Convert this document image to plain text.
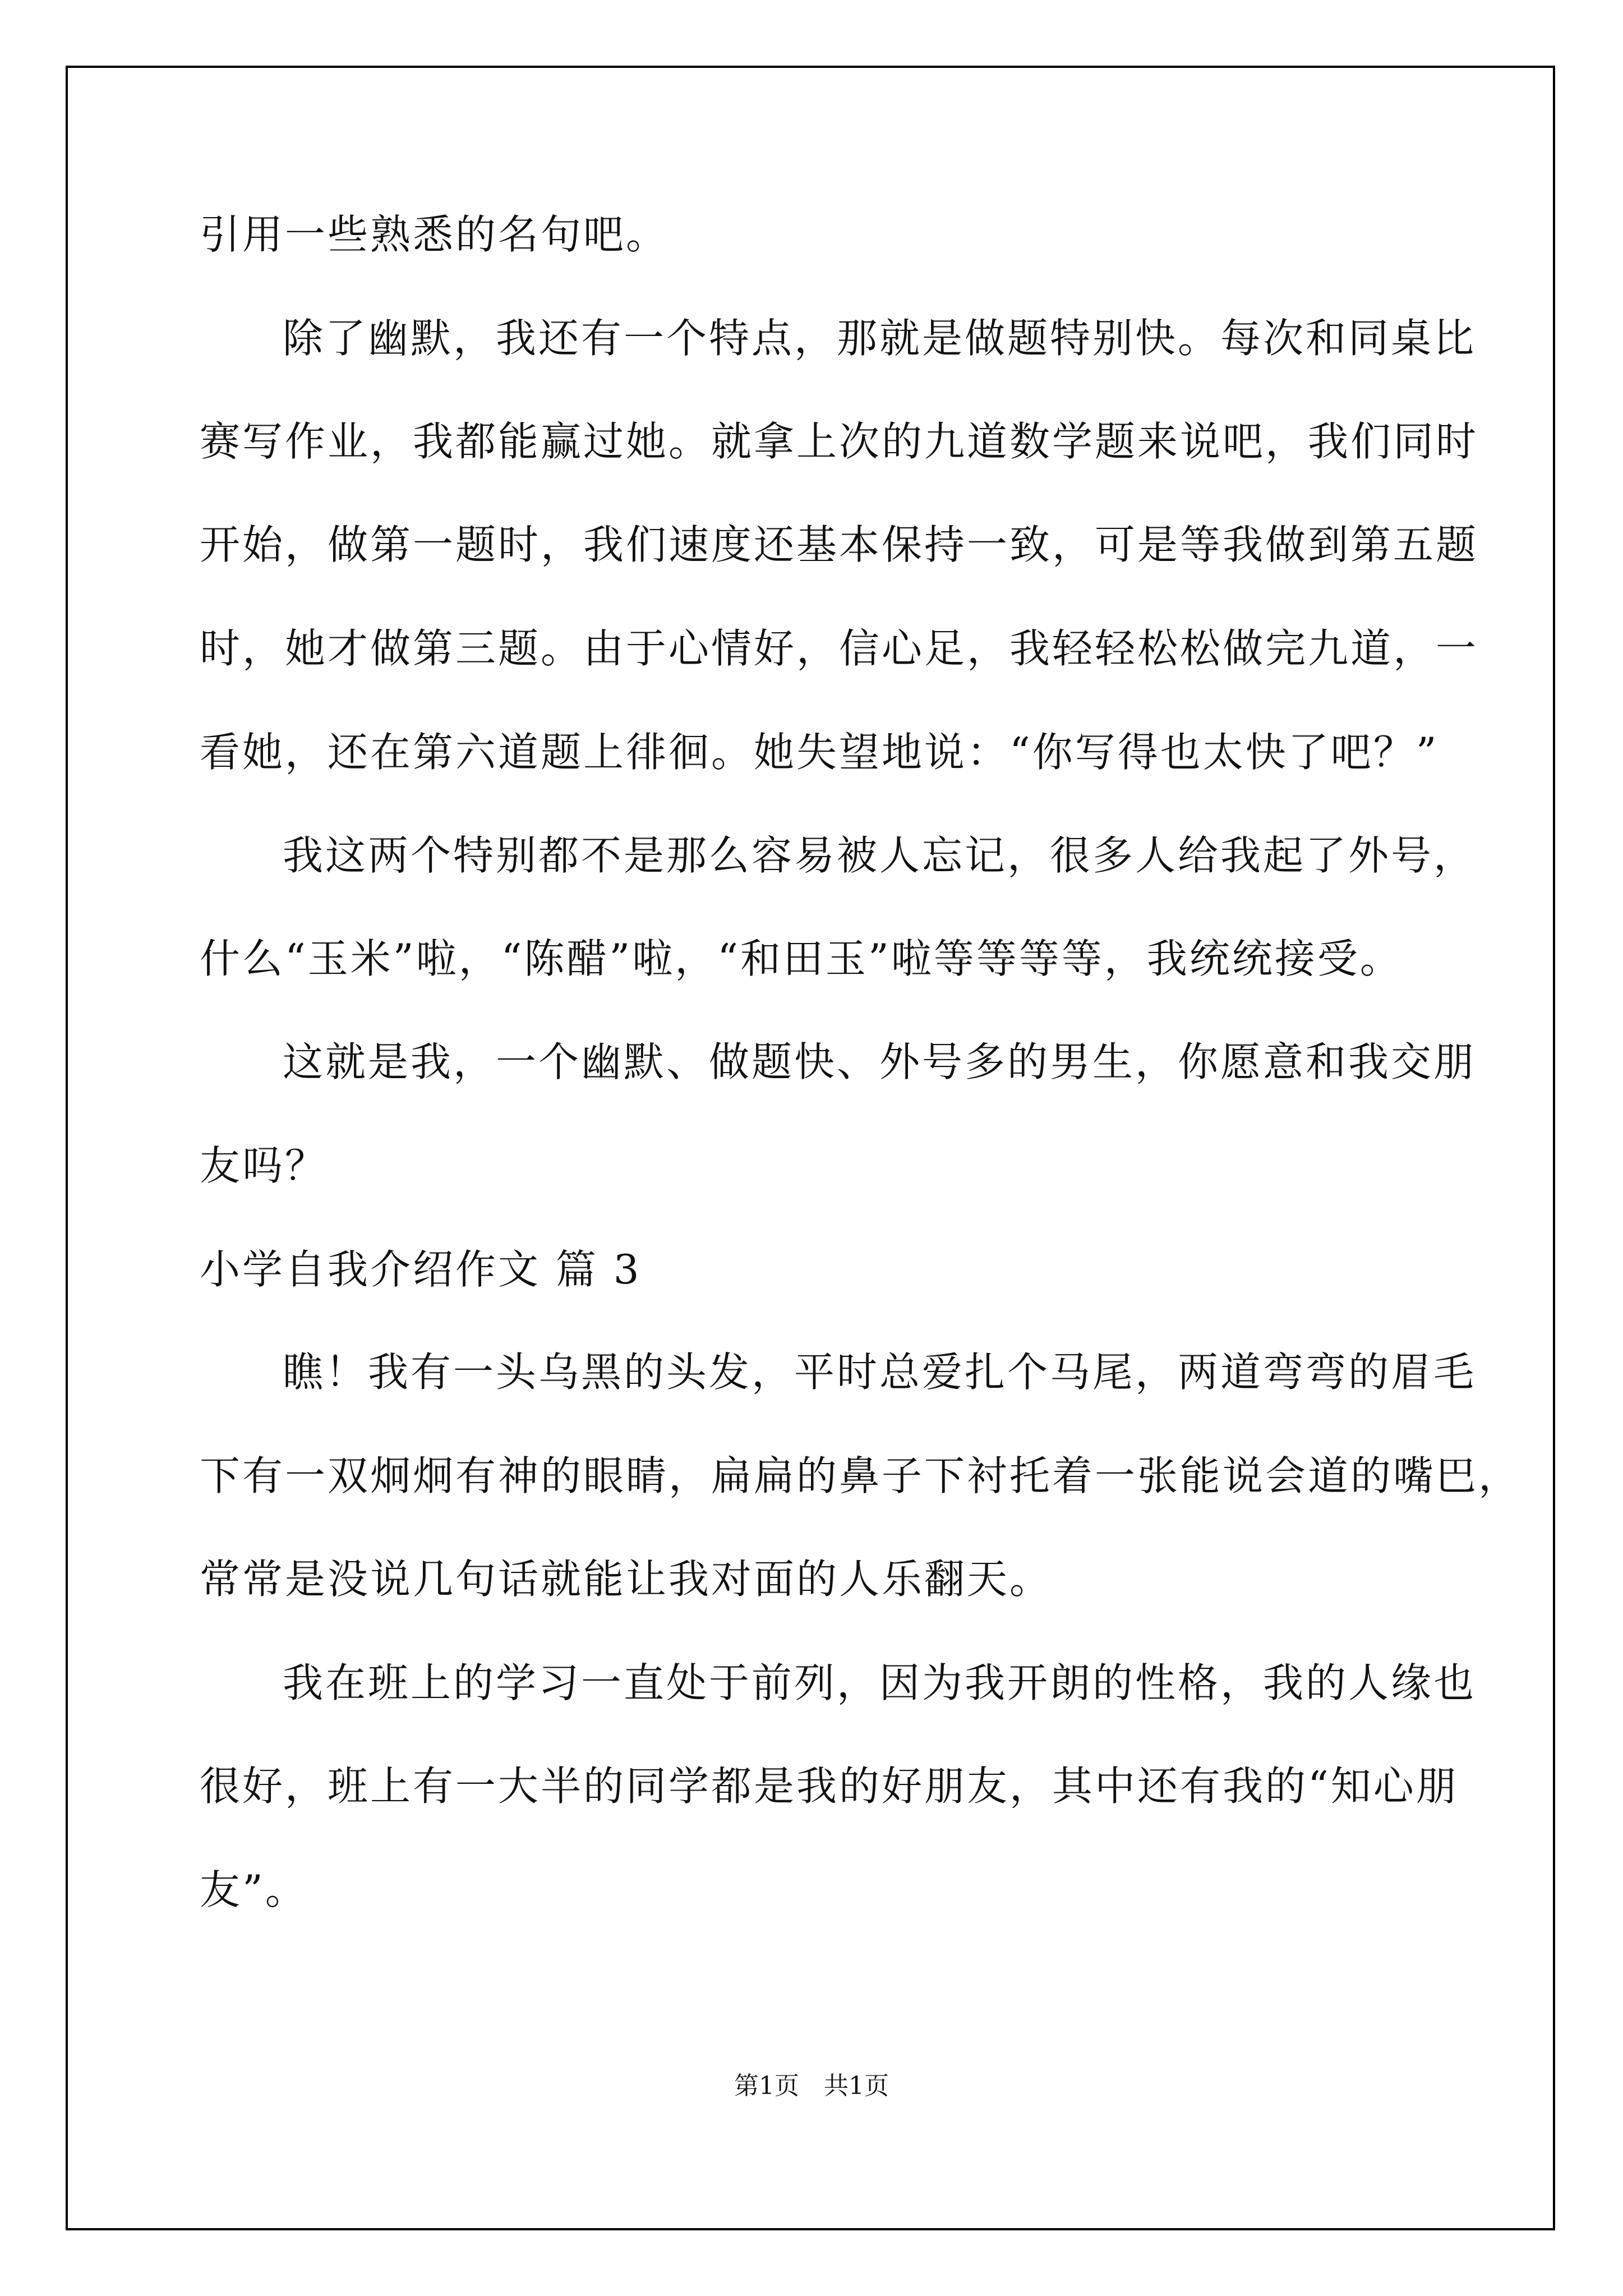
引用一些熟悉的名句吧。
除了幽默，我还有一个特点，那就是做题特别快。每次和同桌比
赛写作业，我都能赢过她。就拿上次的九道数学题来说吧，我们同时
开始，做第一题时，我们速度还基本保持一致，可是等我做到第五题
时，她才做第三题。由于心情好，信心足，我轻轻松松做完九道，一
看她，还在第六道题上徘徊。她失望地说：“你写得也太快了吧？”
我这两个特别都不是那么容易被人忘记，很多人给我起了外号，
什么“玉米”啦，“陈醋”啦，“和田玉”啦等等等等，我统统接受。
这就是我，一个幽默、做题快、外号多的男生，你愿意和我交朋
友吗？
小学自我介绍作文 篇 3
瞧！我有一头乌黑的头发，平时总爱扎个马尾，两道弯弯的眉毛
下有一双炯炯有神的眼睛，扁扁的鼻子下衬托着一张能说会道的嘴巴，
常常是没说几句话就能让我对面的人乐翻天。
我在班上的学习一直处于前列，因为我开朗的性格，我的人缘也
很好，班上有一大半的同学都是我的好朋友，其中还有我的“知心朋
友”。
第1页　共1页
